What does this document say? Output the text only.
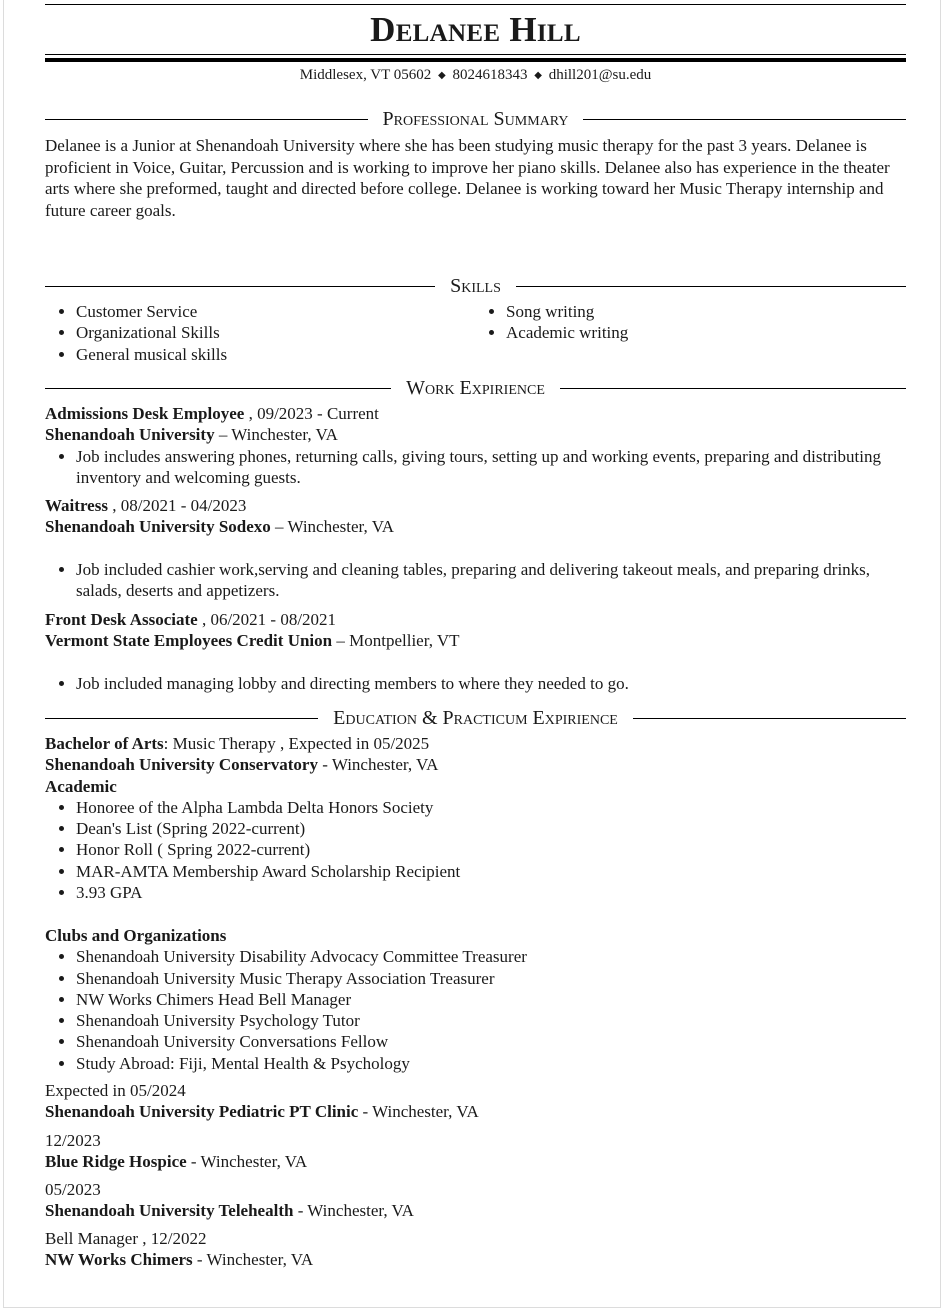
Delanee Hill
Middlesex, VT 05602 ◆ 8024618343 ◆ dhill201@su.edu
Professional Summary
Delanee is a Junior at Shenandoah University where she has been studying music therapy for the past 3 years. Delanee is proficient in Voice, Guitar, Percussion and is working to improve her piano skills. Delanee also has experience in the theater arts where she preformed, taught and directed before college. Delanee is working toward her Music Therapy internship and future career goals.
Skills
• Customer Service
• Organizational Skills
• General musical skills
• Song writing
• Academic writing
Work Expirience
Admissions Desk Employee , 09/2023 - Current
Shenandoah University – Winchester, VA
• Job includes answering phones, returning calls, giving tours, setting up and working events, preparing and distributing inventory and welcoming guests.
Waitress , 08/2021 - 04/2023
Shenandoah University Sodexo – Winchester, VA
• Job included cashier work,serving and cleaning tables, preparing and delivering takeout meals, and preparing drinks, salads, deserts and appetizers.
Front Desk Associate , 06/2021 - 08/2021
Vermont State Employees Credit Union – Montpellier, VT
• Job included managing lobby and directing members to where they needed to go.
Education & Practicum Expirience
Bachelor of Arts: Music Therapy , Expected in 05/2025
Shenandoah University Conservatory - Winchester, VA
Academic
• Honoree of the Alpha Lambda Delta Honors Society
• Dean's List (Spring 2022-current)
• Honor Roll ( Spring 2022-current)
• MAR-AMTA Membership Award Scholarship Recipient
• 3.93 GPA
Clubs and Organizations
• Shenandoah University Disability Advocacy Committee Treasurer
• Shenandoah University Music Therapy Association Treasurer
• NW Works Chimers Head Bell Manager
• Shenandoah University Psychology Tutor
• Shenandoah University Conversations Fellow
• Study Abroad: Fiji, Mental Health & Psychology
Expected in 05/2024
Shenandoah University Pediatric PT Clinic - Winchester, VA
12/2023
Blue Ridge Hospice - Winchester, VA
05/2023
Shenandoah University Telehealth - Winchester, VA
Bell Manager , 12/2022
NW Works Chimers - Winchester, VA
